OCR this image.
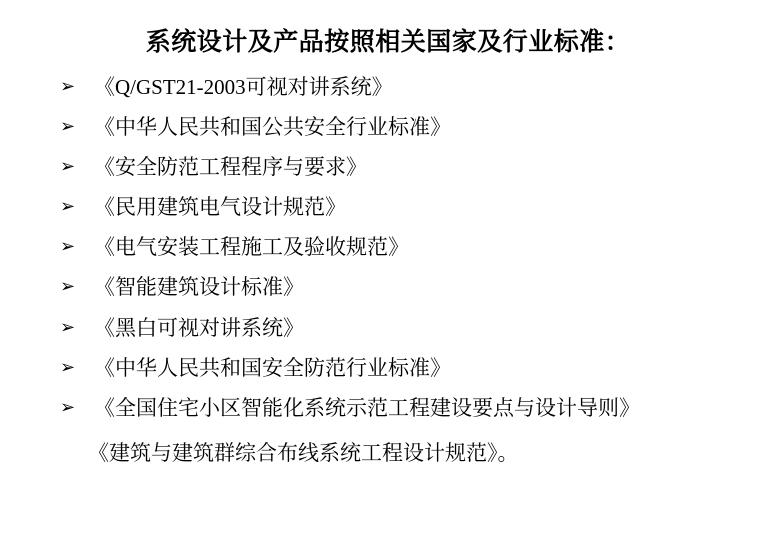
系统设计及产品按照相关国家及行业标准：
➢ 《Q/GST21-2003可视对讲系统》
➢ 《中华人民共和国公共安全行业标准》
➢ 《安全防范工程程序与要求》
➢ 《民用建筑电气设计规范》
➢ 《电气安装工程施工及验收规范》
➢ 《智能建筑设计标准》
➢ 《黑白可视对讲系统》
➢ 《中华人民共和国安全防范行业标准》
➢ 《全国住宅小区智能化系统示范工程建设要点与设计导则》

《建筑与建筑群综合布线系统工程设计规范》。
